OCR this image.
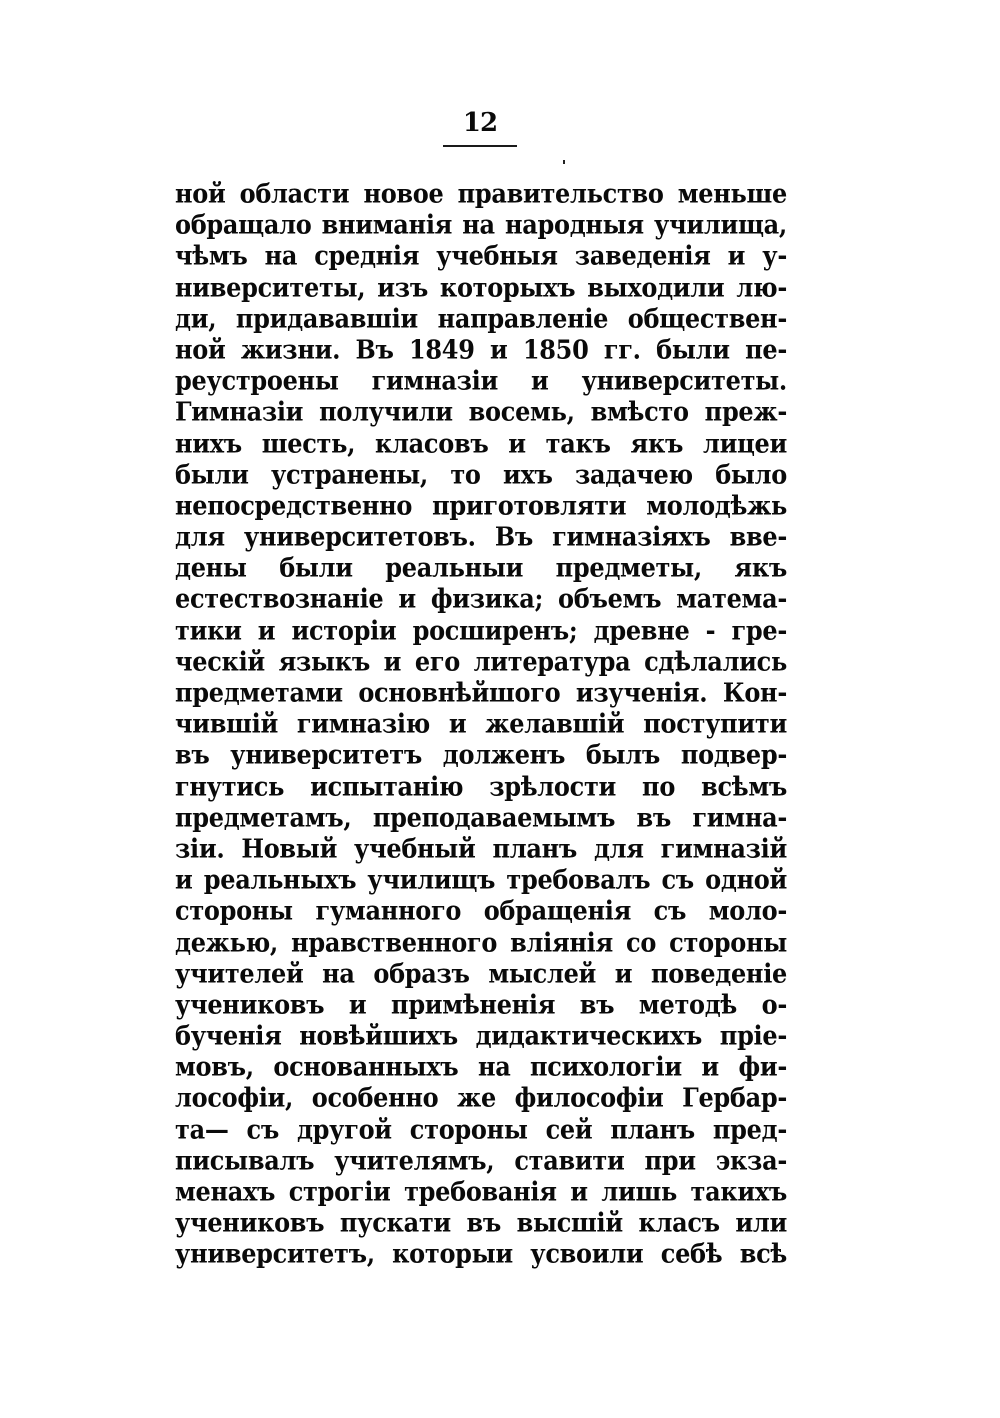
12
ной области новое правительство меньше
обращало вниманія на народныя училища,
чѣмъ на среднія учебныя заведенія и у-
ниверситеты, изъ которыхъ выходили лю-
ди, придававшіи направленіе обществен-
ной жизни. Въ 1849 и 1850 гг. были пе-
реустроены гимназіи и университеты.
Гимназіи получили восемь, вмѣсто преж-
нихъ шесть, класовъ и такъ якъ лицеи
были устранены, то ихъ задачею было
непосредственно приготовляти молодѣжь
для университетовъ. Въ гимназіяхъ вве-
дены были реальныи предметы, якъ
естествознаніе и физика; объемъ матема-
тики и исторіи росширенъ; древне - гре-
ческій языкъ и его литература сдѣлались
предметами основнѣйшого изученія. Кон-
чившій гимназію и желавшій поступити
въ университетъ долженъ былъ подвер-
гнутись испытанію зрѣлости по всѣмъ
предметамъ, преподаваемымъ въ гимна-
зіи. Новый учебный планъ для гимназій
и реальныхъ училищъ требовалъ съ одной
стороны гуманного обращенія съ моло-
дежью, нравственного вліянія со стороны
учителей на образъ мыслей и поведеніе
учениковъ и примѣненія въ методѣ о-
бученія новѣйшихъ дидактическихъ пріе-
мовъ, основанныхъ на психологіи и фи-
лософіи, особенно же философіи Гербар-
та— съ другой стороны сей планъ пред-
писывалъ учителямъ, ставити при экза-
менахъ строгіи требованія и лишь такихъ
учениковъ пускати въ высшій класъ или
университетъ, которыи усвоили себѣ всѣ
